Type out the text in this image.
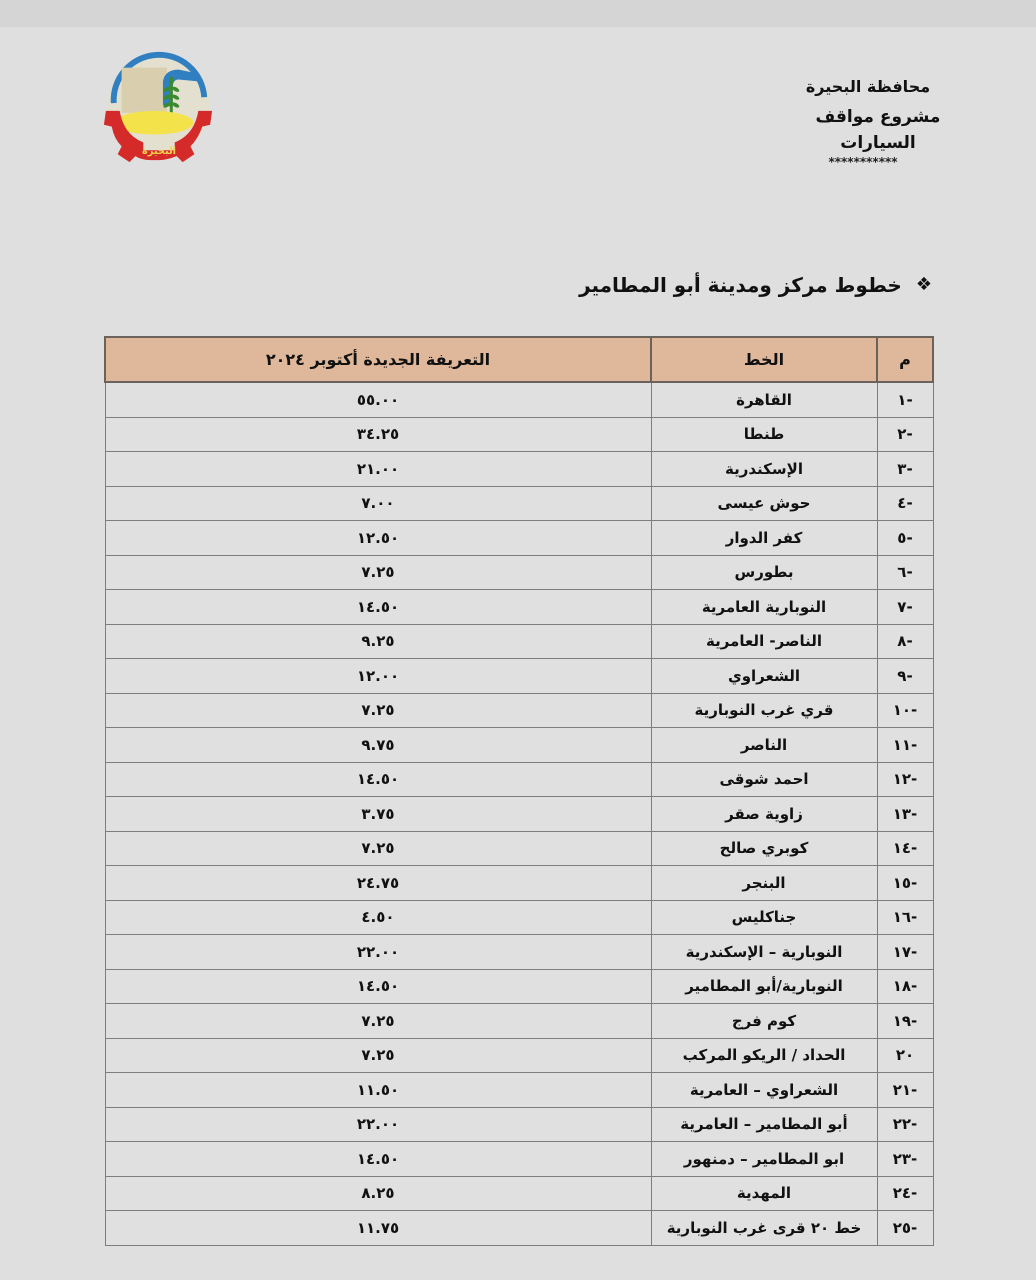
البحيرة
محافظة البحيرة
مشروع مواقف السيارات
***********
❖
خطوط مركز ومدينة أبو المطامير
م	الخط	التعريفة الجديدة أكتوبر ٢٠٢٤
-١	القاهرة	٥٥.٠٠
-٢	طنطا	٣٤.٢٥
-٣	الإسكندرية	٢١.٠٠
-٤	حوش عيسى	٧.٠٠
-٥	كفر الدوار	١٢.٥٠
-٦	بطورس	٧.٢٥
-٧	النوبارية العامرية	١٤.٥٠
-٨	الناصر- العامرية	٩.٢٥
-٩	الشعراوي	١٢.٠٠
-١٠	قري غرب النوبارية	٧.٢٥
-١١	الناصر	٩.٧٥
-١٢	احمد شوقى	١٤.٥٠
-١٣	زاوية صقر	٣.٧٥
-١٤	كوبري صالح	٧.٢٥
-١٥	البنجر	٢٤.٧٥
-١٦	جناكليس	٤.٥٠
-١٧	النوبارية – الإسكندرية	٢٢.٠٠
-١٨	النوبارية/أبو المطامير	١٤.٥٠
-١٩	كوم فرج	٧.٢٥
٢٠	الحداد / الريكو المركب	٧.٢٥
-٢١	الشعراوي – العامرية	١١.٥٠
-٢٢	أبو المطامير – العامرية	٢٢.٠٠
-٢٣	ابو المطامير – دمنهور	١٤.٥٠
-٢٤	المهدية	٨.٢٥
-٢٥	خط ٢٠ قرى غرب النوبارية	١١.٧٥
